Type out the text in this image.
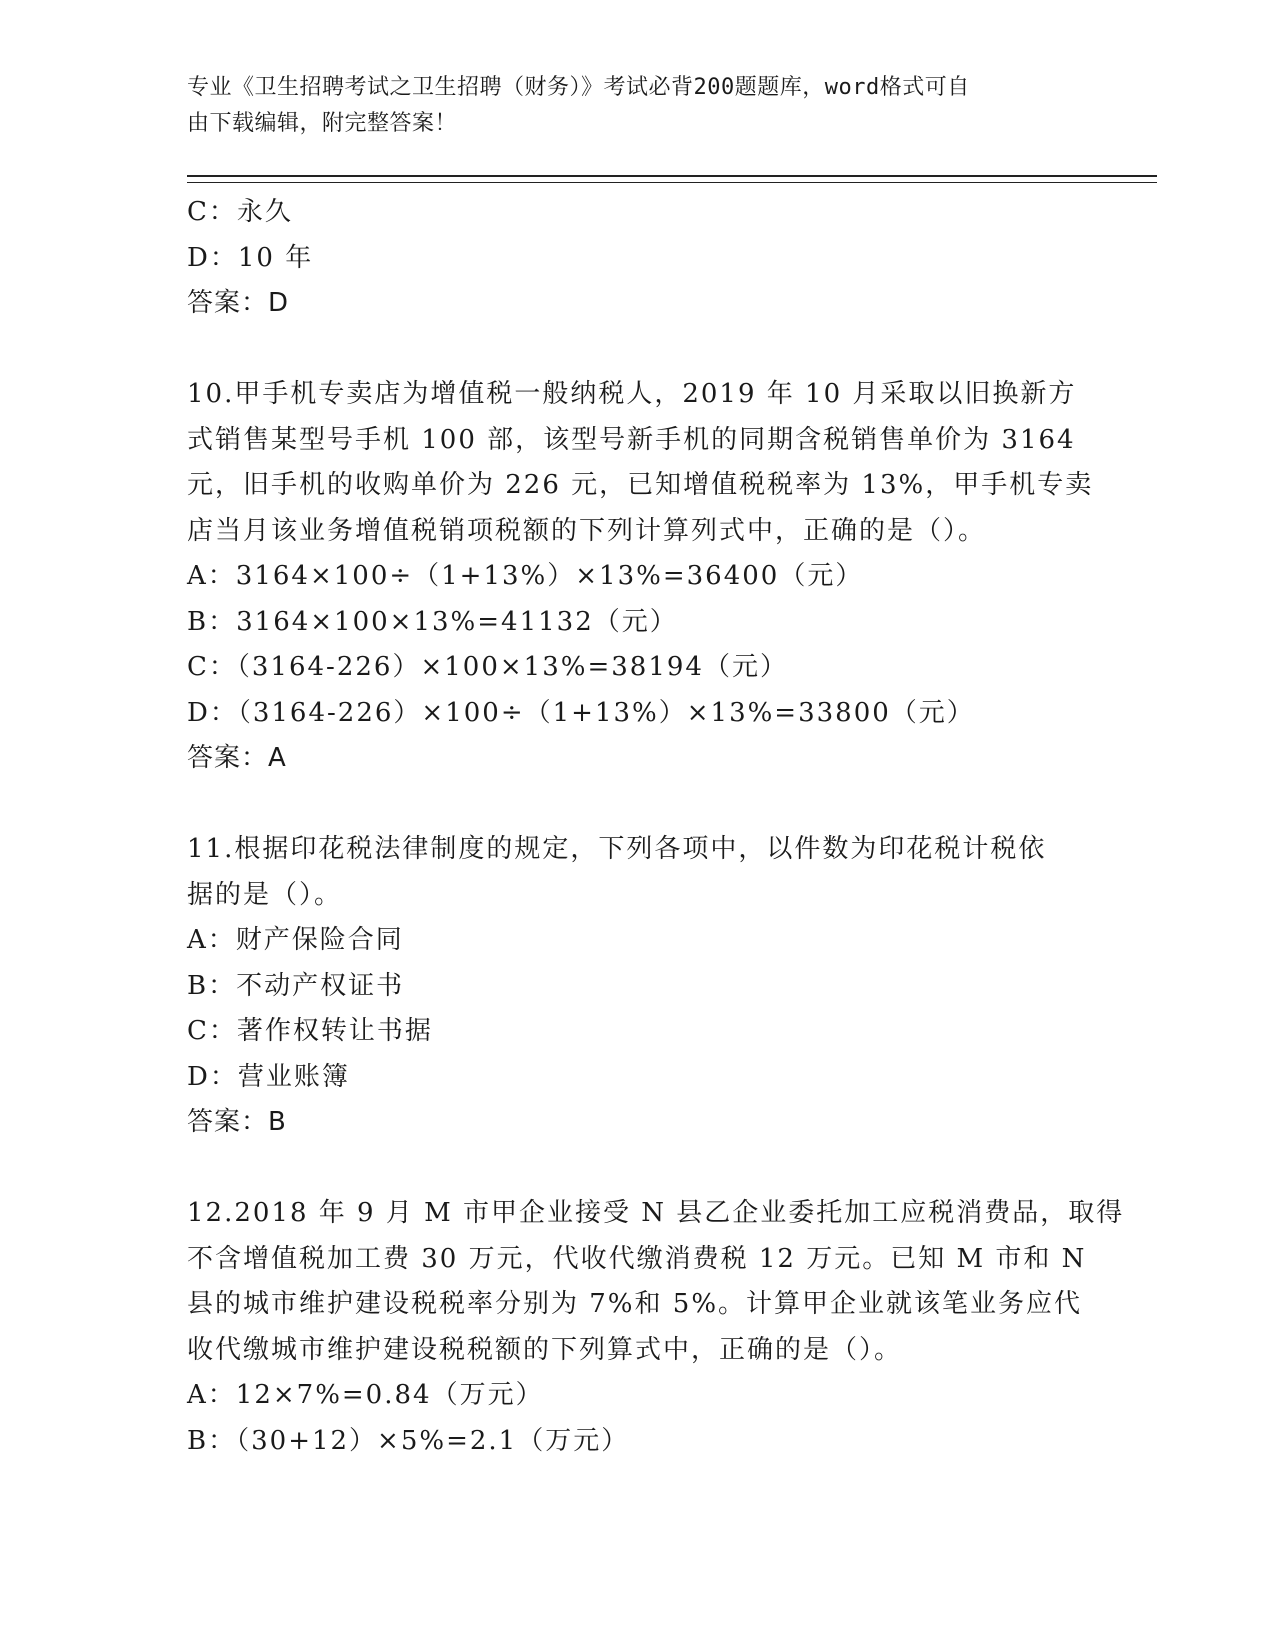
专业《卫生招聘考试之卫生招聘（财务）》考试必背200题题库，word格式可自
由下载编辑，附完整答案！
C：永久
D：10 年
答案：D
10.甲手机专卖店为增值税一般纳税人，2019 年 10 月采取以旧换新方
式销售某型号手机 100 部，该型号新手机的同期含税销售单价为 3164
元，旧手机的收购单价为 226 元，已知增值税税率为 13%，甲手机专卖
店当月该业务增值税销项税额的下列计算列式中，正确的是（）。
A：3164×100÷（1+13%）×13%=36400（元）
B：3164×100×13%=41132（元）
C：（3164-226）×100×13%=38194（元）
D：（3164-226）×100÷（1+13%）×13%=33800（元）
答案：A
11.根据印花税法律制度的规定，下列各项中，以件数为印花税计税依
据的是（）。
A：财产保险合同
B：不动产权证书
C：著作权转让书据
D：营业账簿
答案：B
12.2018 年 9 月 M 市甲企业接受 N 县乙企业委托加工应税消费品，取得
不含增值税加工费 30 万元，代收代缴消费税 12 万元。已知 M 市和 N
县的城市维护建设税税率分别为 7%和 5%。计算甲企业就该笔业务应代
收代缴城市维护建设税税额的下列算式中，正确的是（）。
A：12×7%=0.84（万元）
B：（30+12）×5%=2.1（万元）
